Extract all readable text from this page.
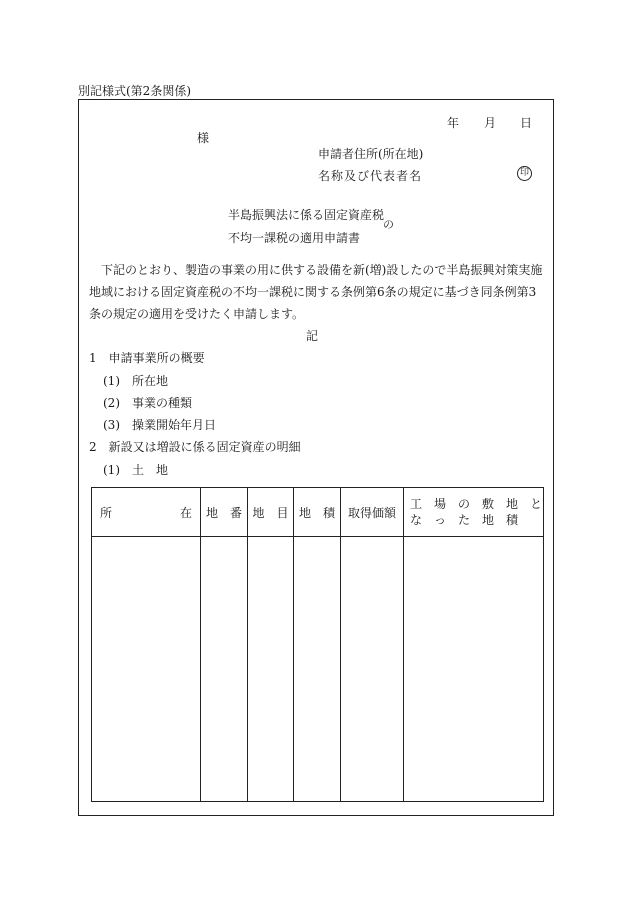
別記様式(第2条関係)
年 月 日
様
申請者住所(所在地)
名称及び代表者名	印
半島振興法に係る固定資産税
の
不均一課税の適用申請書
下記のとおり、製造の事業の用に供する設備を新(増)設したので半島振興対策実施地域における固定資産税の不均一課税に関する条例第6条の規定に基づき同条例第3条の規定の適用を受けたく申請します。
記
1　申請事業所の概要
(1)　所在地
(2)　事業の種類
(3)　操業開始年月日
2　新設又は増設に係る固定資産の明細
(1)　土　地
所 在	地　番	地　目	地　積	取得価額	工　場　の　敷　地　と
な　っ　た　地　積
